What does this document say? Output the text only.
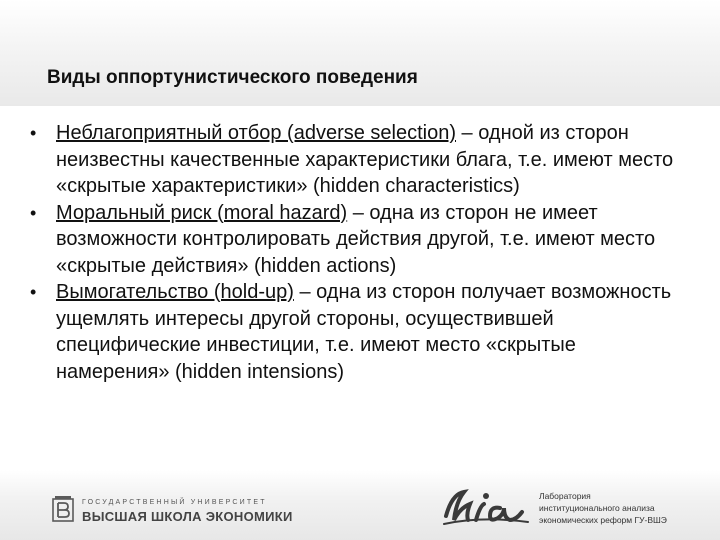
Виды оппортунистического поведения
• Неблагоприятный отбор (adverse selection) – одной из сторон неизвестны качественные характеристики блага, т.е. имеют место «скрытые характеристики» (hidden characteristics)
• Моральный риск (moral hazard) – одна из сторон не имеет возможности контролировать действия другой, т.е. имеют место «скрытые действия» (hidden actions)
• Вымогательство (hold-up) – одна из сторон получает возможность ущемлять интересы другой стороны, осуществившей специфические инвестиции, т.е. имеют место «скрытые намерения» (hidden intensions)
ГОСУДАРСТВЕННЫЙ УНИВЕРСИТЕТ
ВЫСШАЯ ШКОЛА ЭКОНОМИКИ
Лаборатория
институционального анализа
экономических реформ ГУ-ВШЭ
